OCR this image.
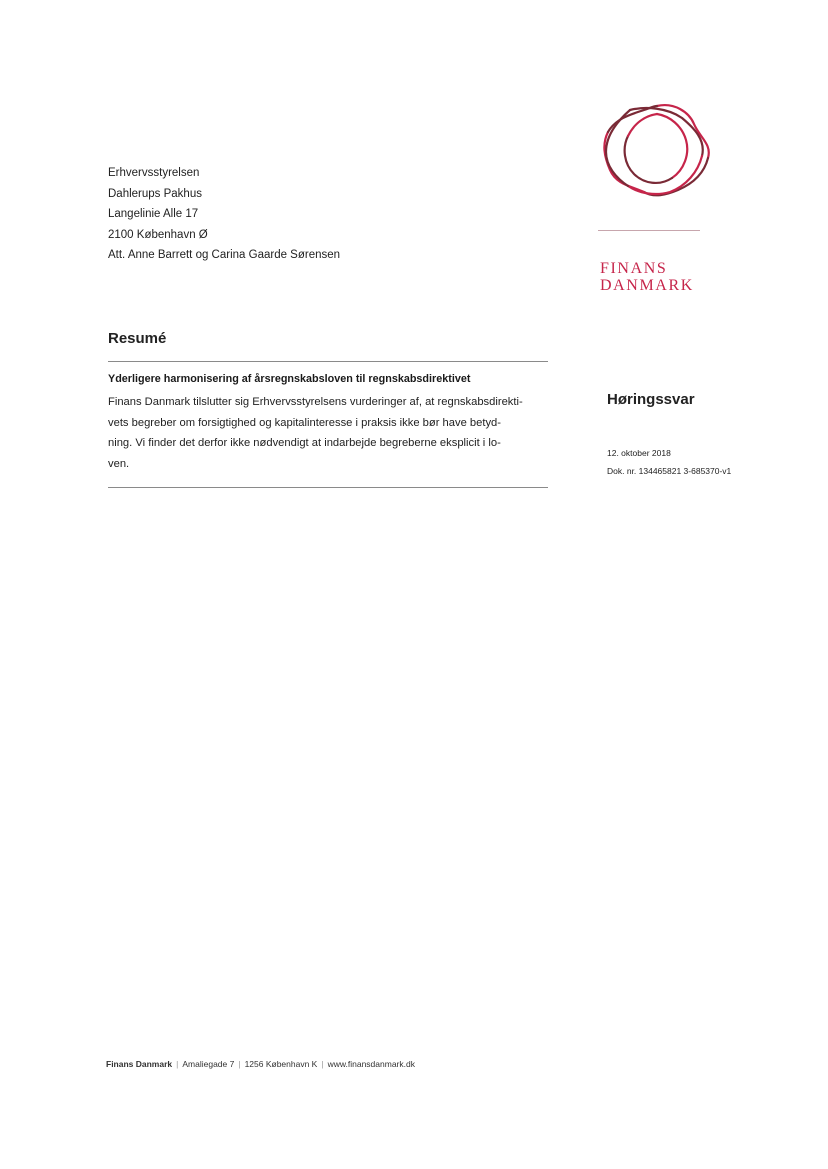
Erhvervsstyrelsen
Dahlerups Pakhus
Langelinie Alle 17
2100 København Ø
Att. Anne Barrett og Carina Gaarde Sørensen
FINANS
DANMARK
Resumé
Yderligere harmonisering af årsregnskabsloven til regnskabsdirektivet
Finans Danmark tilslutter sig Erhvervsstyrelsens vurderinger af, at regnskabsdirekti-
vets begreber om forsigtighed og kapitalinteresse i praksis ikke bør have betyd-
ning. Vi finder det derfor ikke nødvendigt at indarbejde begreberne eksplicit i lo-
ven.
Høringssvar
12. oktober 2018
Dok. nr. 134465821 3-685370-v1
Finans Danmark | Amaliegade 7 | 1256 København K | www.finansdanmark.dk
